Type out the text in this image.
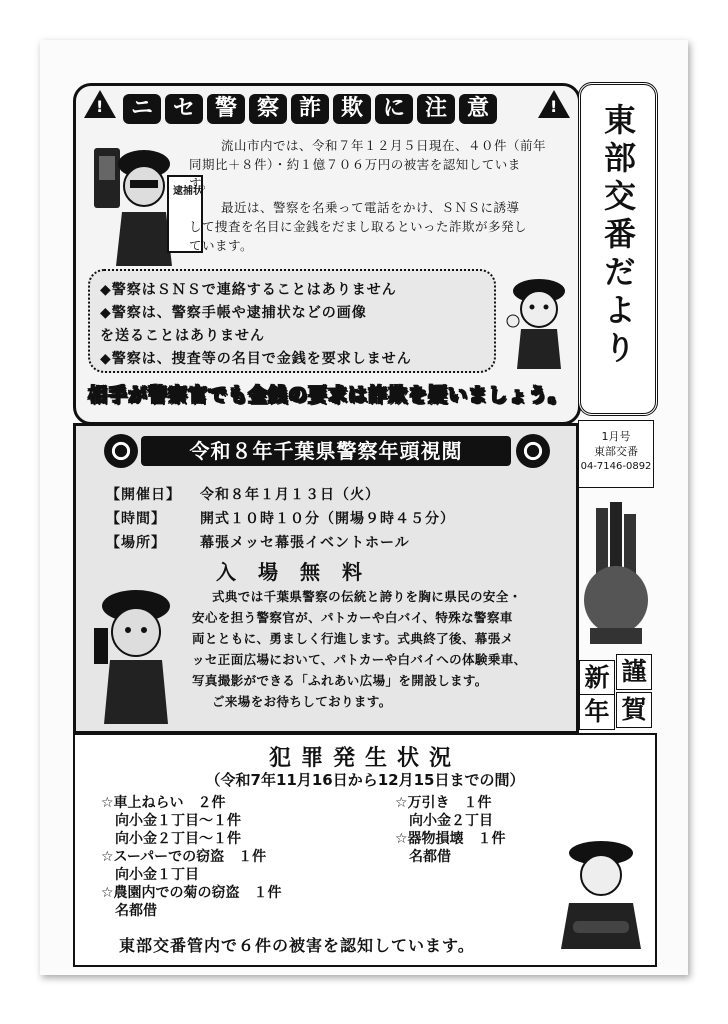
!	ニ セ 警 察 詐 欺 に 注 意	!
逮捕状
流山市内では、令和７年１２月５日現在、４０件（前年
同期比＋８件）・約１億７０６万円の被害を認知していま
す。
最近は、警察を名乗って電話をかけ、ＳＮＳに誘導
して捜査を名目に金銭をだまし取るといった詐欺が多発し
ています。
◆警察はＳＮＳで連絡することはありません
◆警察は、警察手帳や逮捕状などの画像
を送ることはありません
◆警察は、捜査等の名目で金銭を要求しません
相手が警察官でも金銭の要求は詐欺を疑いましょう。
東部交番だより
1月号
東部交番
04-7146-0892
令和８年千葉県警察年頭視閲
【開催日】 令和８年１月１３日（火）
【時間】 開式１０時１０分（開場９時４５分）
【場所】 幕張メッセ幕張イベントホール
入場無料
式典では千葉県警察の伝統と誇りを胸に県民の安全・
安心を担う警察官が、パトカーや白バイ、特殊な警察車
両とともに、勇ましく行進します。式典終了後、幕張メ
ッセ正面広場において、パトカーや白バイへの体験乗車、
写真撮影ができる「ふれあい広場」を開設します。
ご来場をお待ちしております。
謹
賀
新
年
犯罪発生状況
（令和7年11月16日から12月15日までの間）
☆車上ねらい　２件
　向小金１丁目～１件
　向小金２丁目～１件
☆スーパーでの窃盗　１件
　向小金１丁目
☆農園内での菊の窃盗　１件
　名都借
☆万引き　１件
　向小金２丁目
☆器物損壊　１件
　名都借
東部交番管内で６件の被害を認知しています。
